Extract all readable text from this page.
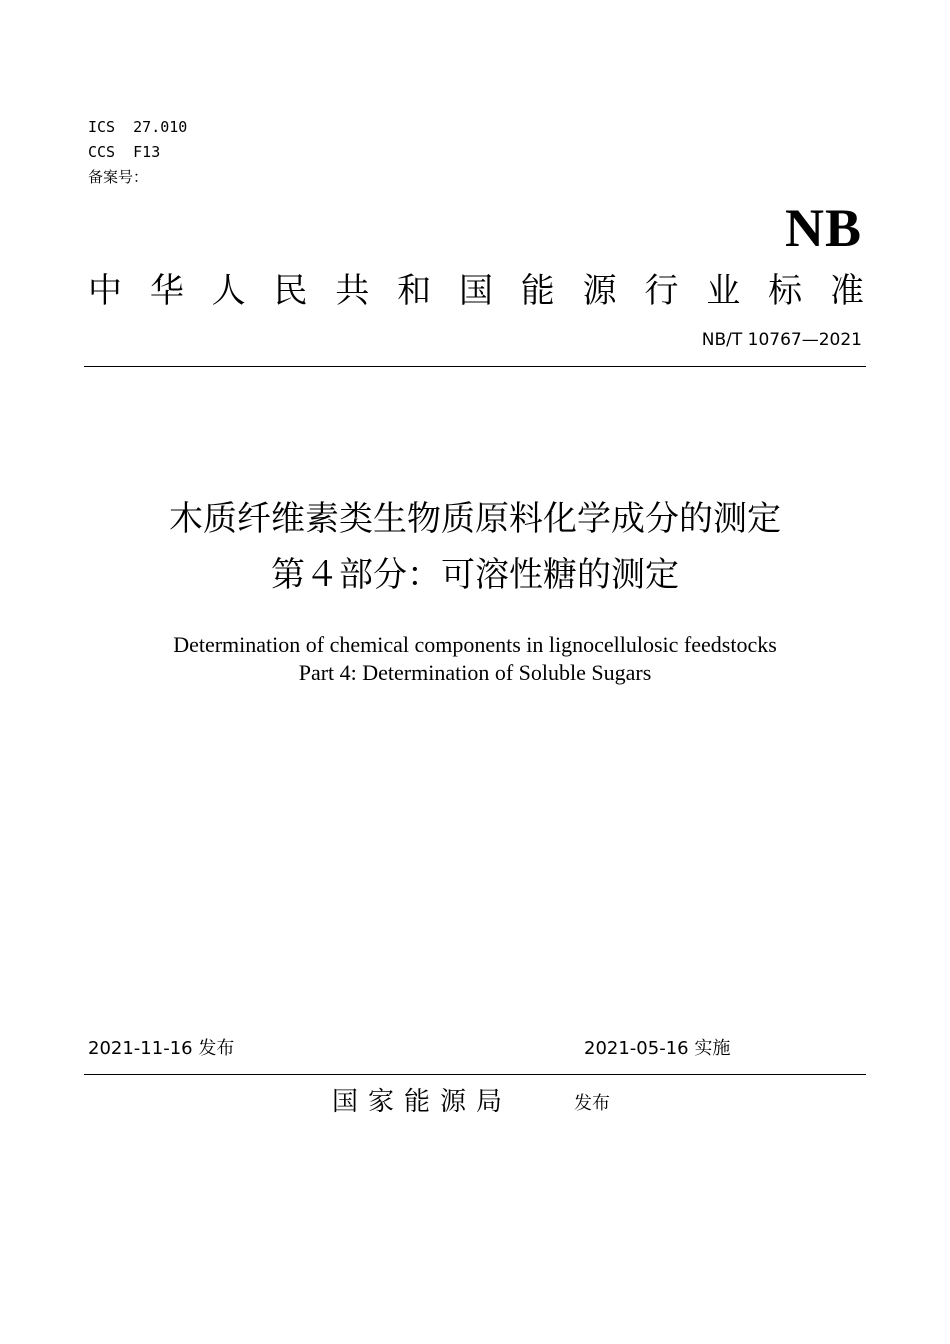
ICS  27.010
CCS  F13
备案号：
NB
中 华 人 民 共 和 国 能 源 行 业 标 准
NB/T 10767—2021
木质纤维素类生物质原料化学成分的测定
第４部分：可溶性糖的测定
Determination of chemical components in lignocellulosic feedstocks
Part 4: Determination of Soluble Sugars
2021-11-16 发布	2021-05-16 实施
国家能源局	发布
